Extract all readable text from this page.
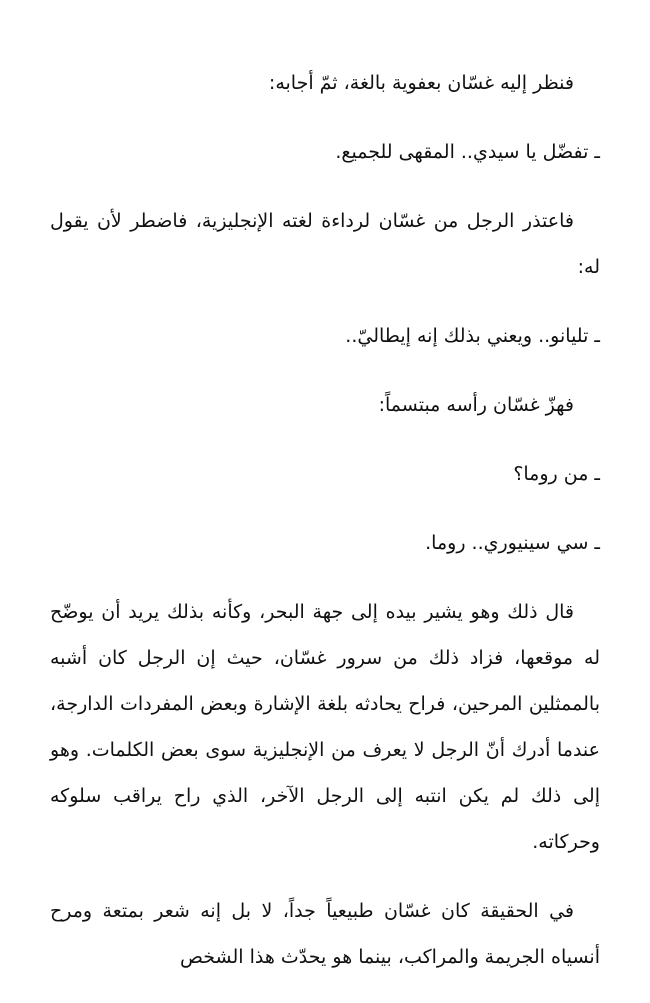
فنظر إليه غسّان بعفوية بالغة، ثمّ أجابه:

ـ تفضّل يا سيدي.. المقهى للجميع.

فاعتذر الرجل من غسّان لرداءة لغته الإنجليزية، فاضطر لأن يقول له:

ـ تليانو.. ويعني بذلك إنه إيطاليّ..

فهزّ غسّان رأسه مبتسماً:

ـ من روما؟

ـ سي سينيوري.. روما.

قال ذلك وهو يشير بيده إلى جهة البحر، وكأنه بذلك يريد أن يوضّح له موقعها، فزاد ذلك من سرور غسّان، حيث إن الرجل كان أشبه بالممثلين المرحين، فراح يحادثه بلغة الإشارة وبعض المفردات الدارجة، عندما أدرك أنّ الرجل لا يعرف من الإنجليزية سوى بعض الكلمات. وهو إلى ذلك لم يكن انتبه إلى الرجل الآخر، الذي راح يراقب سلوكه وحركاته.

في الحقيقة كان غسّان طبيعياً جداً، لا بل إنه شعر بمتعة ومرح أنسياه الجريمة والمراكب، بينما هو يحدّث هذا الشخص
